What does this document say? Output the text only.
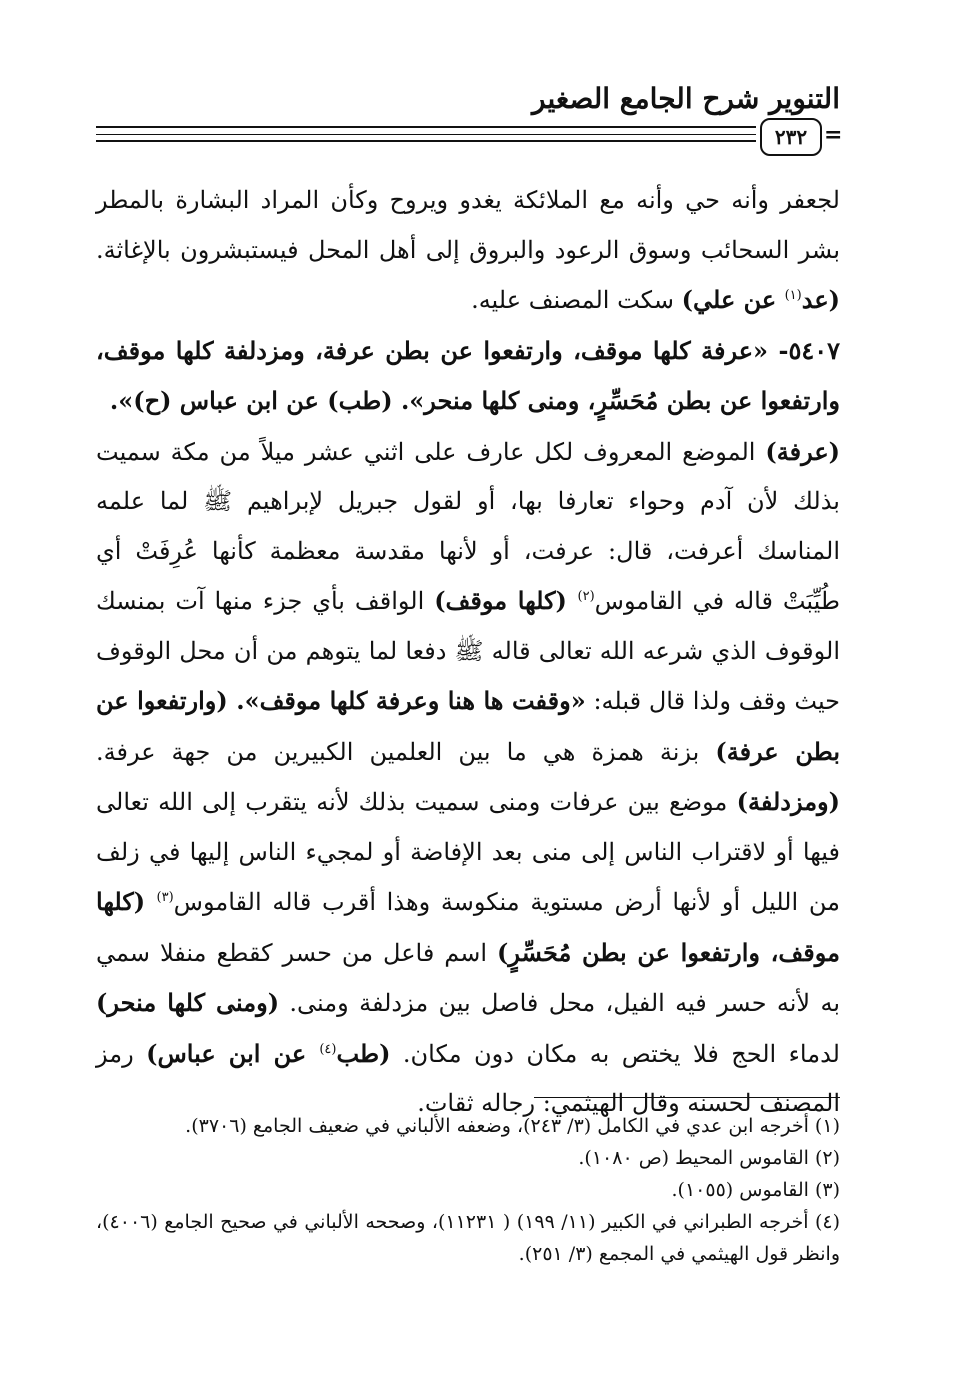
التنوير شرح الجامع الصغير
٢٣٢ =

لجعفر وأنه حي وأنه مع الملائكة يغدو ويروح وكأن المراد البشارة بالمطر بشر السحائب وسوق الرعود والبروق إلى أهل المحل فيستبشرون بالإغاثة. (عد$^{(١)}$ عن علي) سكت المصنف عليه.

٥٤٠٧- «عرفة كلها موقف، وارتفعوا عن بطن عرفة، ومزدلفة كلها موقف، وارتفعوا عن بطن مُحَسِّرٍ، ومنى كلها منحر». (طب) عن ابن عباس (ح)».

(عرفة) الموضع المعروف لكل عارف على اثني عشر ميلاً من مكة سميت بذلك لأن آدم وحواء تعارفا بها، أو لقول جبريل لإبراهيم ﷺ لما علمه المناسك أعرفت، قال: عرفت، أو لأنها مقدسة معظمة كأنها عُرِفَتْ أي طُيِّبَتْ قاله في القاموس$^{(٢)}$ (كلها موقف) الواقف بأي جزء منها آت بمنسك الوقوف الذي شرعه الله تعالى قاله ﷺ دفعا لما يتوهم من أن محل الوقوف حيث وقف ولذا قال قبله: «وقفت ها هنا وعرفة كلها موقف». (وارتفعوا عن بطن عرفة) بزنة همزة هي ما بين العلمين الكبيرين من جهة عرفة. (ومزدلفة) موضع بين عرفات ومنى سميت بذلك لأنه يتقرب إلى الله تعالى فيها أو لاقتراب الناس إلى منى بعد الإفاضة أو لمجيء الناس إليها في زلف من الليل أو لأنها أرض مستوية منكوسة وهذا أقرب قاله القاموس$^{(٣)}$ (كلها موقف، وارتفعوا عن بطن مُحَسِّرٍ) اسم فاعل من حسر كقطع منفلا سمي به لأنه حسر فيه الفيل، محل فاصل بين مزدلفة ومنى. (ومنى كلها منحر) لدماء الحج فلا يختص به مكان دون مكان. (طب$^{(٤)}$ عن ابن عباس) رمز المصنف لحسنه وقال الهيثمي: رجاله ثقات.

(١) أخرجه ابن عدي في الكامل (٣/ ٢٤٣)، وضعفه الألباني في ضعيف الجامع (٣٧٠٦).

(٢) القاموس المحيط (ص ١٠٨٠).

(٣) القاموس (١٠٥٥).

(٤) أخرجه الطبراني في الكبير (١١/ ١٩٩) ( ١١٢٣١)، وصححه الألباني في صحيح الجامع (٤٠٠٦)، وانظر قول الهيثمي في المجمع (٣/ ٢٥١).
